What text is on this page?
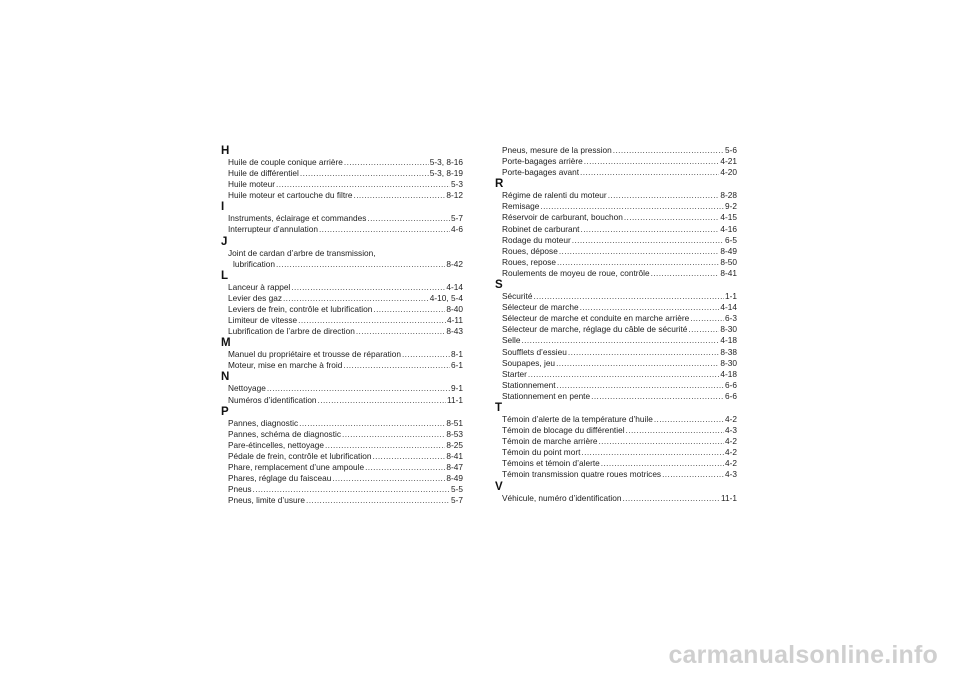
H
Huile de couple conique arrière .....	5-3, 8-16
Huile de différentiel .....	5-3, 8-19
Huile moteur .....	5-3
Huile moteur et cartouche du filtre .....	8-12
I
Instruments, éclairage et commandes .....	5-7
Interrupteur d’annulation .....	4-6
J
Joint de cardan d’arbre de transmission,
lubrification .....	8-42
L
Lanceur à rappel .....	4-14
Levier des gaz .....	4-10, 5-4
Leviers de frein, contrôle et lubrification .....	8-40
Limiteur de vitesse .....	4-11
Lubrification de l’arbre de direction .....	8-43
M
Manuel du propriétaire et trousse de réparation .....	8-1
Moteur, mise en marche à froid .....	6-1
N
Nettoyage .....	9-1
Numéros d’identification .....	11-1
P
Pannes, diagnostic .....	8-51
Pannes, schéma de diagnostic .....	8-53
Pare-étincelles, nettoyage .....	8-25
Pédale de frein, contrôle et lubrification .....	8-41
Phare, remplacement d’une ampoule .....	8-47
Phares, réglage du faisceau .....	8-49
Pneus .....	5-5
Pneus, limite d’usure .....	5-7
Pneus, mesure de la pression .....	5-6
Porte-bagages arrière .....	4-21
Porte-bagages avant .....	4-20
R
Régime de ralenti du moteur .....	8-28
Remisage .....	9-2
Réservoir de carburant, bouchon .....	4-15
Robinet de carburant .....	4-16
Rodage du moteur .....	6-5
Roues, dépose .....	8-49
Roues, repose .....	8-50
Roulements de moyeu de roue, contrôle .....	8-41
S
Sécurité .....	1-1
Sélecteur de marche .....	4-14
Sélecteur de marche et conduite en marche arrière .....	6-3
Sélecteur de marche, réglage du câble de sécurité .....	8-30
Selle .....	4-18
Soufflets d’essieu .....	8-38
Soupapes, jeu .....	8-30
Starter .....	4-18
Stationnement .....	6-6
Stationnement en pente .....	6-6
T
Témoin d’alerte de la température d’huile .....	4-2
Témoin de blocage du différentiel .....	4-3
Témoin de marche arrière .....	4-2
Témoin du point mort .....	4-2
Témoins et témoin d’alerte .....	4-2
Témoin transmission quatre roues motrices .....	4-3
V
Véhicule, numéro d’identification .....	11-1
carmanualsonline.info
